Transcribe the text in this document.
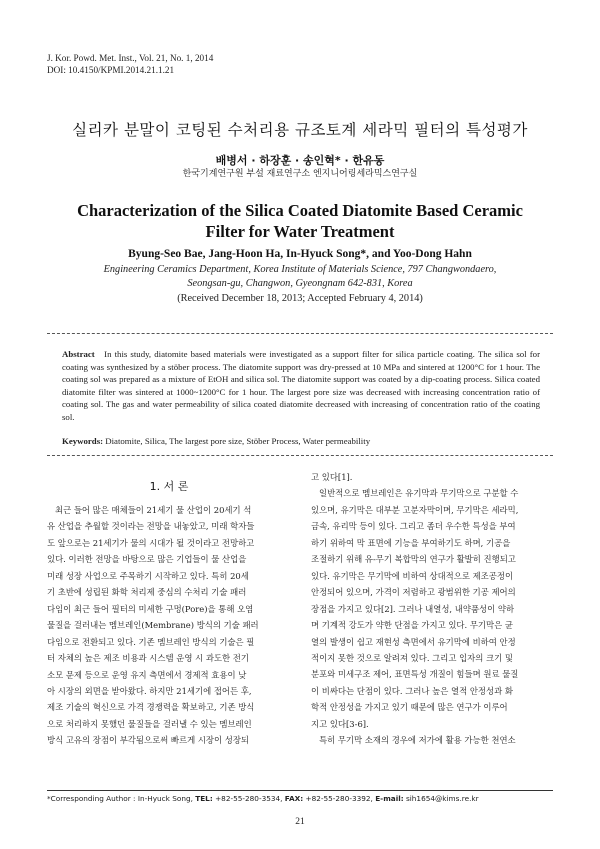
J. Kor. Powd. Met. Inst., Vol. 21, No. 1, 2014
DOI: 10.4150/KPMI.2014.21.1.21
실리카 분말이 코팅된 수처리용 규조토계 세라믹 필터의 특성평가
배병서 · 하장훈 · 송인혁* · 한유동
한국기계연구원 부설 재료연구소 엔지니어링세라믹스연구실
Characterization of the Silica Coated Diatomite Based Ceramic
Filter for Water Treatment
Byung-Seo Bae, Jang-Hoon Ha, In-Hyuck Song*, and Yoo-Dong Hahn
Engineering Ceramics Department, Korea Institute of Materials Science, 797 Changwondaero,
Seongsan-gu, Changwon, Gyeongnam 642-831, Korea
(Received December 18, 2013; Accepted February 4, 2014)
Abstract In this study, diatomite based materials were investigated as a support filter for silica particle coating. The silica sol for coating was synthesized by a stöber process. The diatomite support was dry-pressed at 10 MPa and sintered at 1200°C for 1 hour. The coating sol was prepared as a mixture of EtOH and silica sol. The diatomite support was coated by a dip-coating process. Silica coated diatomite filter was sintered at 1000~1200°C for 1 hour. The largest pore size was decreased with increasing concentration ratio of coating sol. The gas and water permeability of silica coated diatomite decreased with increasing of concentration ratio of the coating sol.
Keywords: Diatomite, Silica, The largest pore size, Stöber Process, Water permeability
1. 서 론

최근 들어 많은 매체들이 21세기 물 산업이 20세기 석

유 산업을 추월할 것이라는 전망을 내놓았고, 미래 학자들

도 앞으로는 21세기가 물의 시대가 될 것이라고 전망하고

있다. 이러한 전망을 바탕으로 많은 기업들이 물 산업을

미래 성장 사업으로 주목하기 시작하고 있다. 특히 20세

기 초반에 성립된 화학 처리제 중심의 수처리 기술 패러

다임이 최근 들어 필터의 미세한 구멍(Pore)을 통해 오염

물질을 걸러내는 멤브레인(Membrane) 방식의 기술 패러

다임으로 전환되고 있다. 기존 멤브레인 방식의 기술은 필

터 자체의 높은 제조 비용과 시스템 운영 시 과도한 전기

소모 문제 등으로 운영 유지 측면에서 경제적 효용이 낮

아 시장의 외면을 받아왔다. 하지만 21세기에 접어든 후,

제조 기술의 혁신으로 가격 경쟁력을 확보하고, 기존 방식

으로 처리하지 못했던 물질들을 걸러낼 수 있는 멤브레인

방식 고유의 장점이 부각됨으로써 빠르게 시장이 성장되

고 있다[1].

일반적으로 멤브레인은 유기막과 무기막으로 구분할 수

있으며, 유기막은 대부분 고분자막이며, 무기막은 세라믹,

금속, 유리막 등이 있다. 그리고 좀더 우수한 특성을 부여

하기 위하여 막 표면에 기능을 부여하기도 하며, 기공을

조절하기 위해 유-무기 복합막의 연구가 활발히 진행되고

있다. 유기막은 무기막에 비하여 상대적으로 제조공정이

안정되어 있으며, 가격이 저렴하고 광범위한 기공 제어의

장점을 가지고 있다[2]. 그러나 내열성, 내약품성이 약하

며 기계적 강도가 약한 단점을 가지고 있다. 무기막은 균

열의 발생이 쉽고 재현성 측면에서 유기막에 비하여 안정

적이지 못한 것으로 알려져 있다. 그리고 입자의 크기 및

분포와 미세구조 제어, 표면특성 개질이 힘들며 원료 물질

이 비싸다는 단점이 있다. 그러나 높은 열적 안정성과 화

학적 안정성을 가지고 있기 때문에 많은 연구가 이루어

지고 있다[3-6].

특히 무기막 소재의 경우에 저가에 활용 가능한 천연소

*Corresponding Author : In-Hyuck Song, TEL: +82-55-280-3534, FAX: +82-55-280-3392, E-mail: sih1654@kims.re.kr
21
